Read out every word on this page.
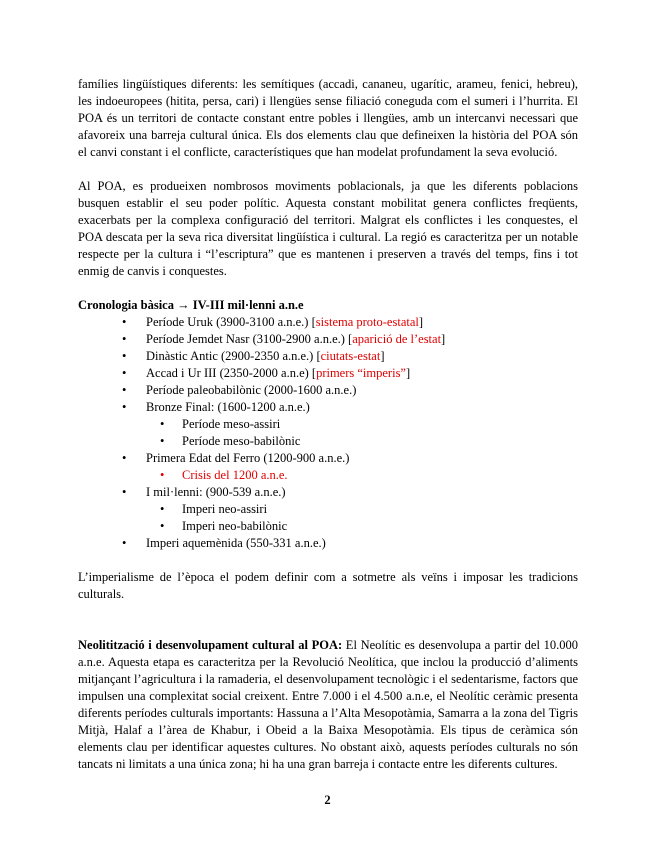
famílies lingüístiques diferents: les semítiques (accadi, cananeu, ugarític, arameu, fenici, hebreu), les indoeuropees (hitita, persa, cari) i llengües sense filiació coneguda com el sumeri i l’hurrita. El POA és un territori de contacte constant entre pobles i llengües, amb un intercanvi necessari que afavoreix una barreja cultural única. Els dos elements clau que defineixen la història del POA són el canvi constant i el conflicte, característiques que han modelat profundament la seva evolució.

Al POA, es produeixen nombrosos moviments poblacionals, ja que les diferents poblacions busquen establir el seu poder polític. Aquesta constant mobilitat genera conflictes freqüents, exacerbats per la complexa configuració del territori. Malgrat els conflictes i les conquestes, el POA descata per la seva rica diversitat lingüística i cultural. La regió es caracteritza per un notable respecte per la cultura i “l’escriptura” que es mantenen i preserven a través del temps, fins i tot enmig de canvis i conquestes.

Cronologia bàsica → IV-III mil·lenni a.n.e

• Període Uruk (3900-3100 a.n.e.) [sistema proto-estatal]
• Període Jemdet Nasr (3100-2900 a.n.e.) [aparició de l’estat]
• Dinàstic Antic (2900-2350 a.n.e.) [ciutats-estat]
• Accad i Ur III (2350-2000 a.n.e) [primers “imperis”]
• Període paleobabilònic (2000-1600 a.n.e.)
• Bronze Final: (1600-1200 a.n.e.)
• Període meso-assiri
• Període meso-babilònic
• Primera Edat del Ferro (1200-900 a.n.e.)
• Crisis del 1200 a.n.e.
• I mil·lenni: (900-539 a.n.e.)
• Imperi neo-assiri
• Imperi neo-babilònic
• Imperi aquemènida (550-331 a.n.e.)

L’imperialisme de l’època el podem definir com a sotmetre als veïns i imposar les tradicions culturals.

Neolitització i desenvolupament cultural al POA: El Neolític es desenvolupa a partir del 10.000 a.n.e. Aquesta etapa es caracteritza per la Revolució Neolítica, que inclou la producció d’aliments mitjançant l’agricultura i la ramaderia, el desenvolupament tecnològic i el sedentarisme, factors que impulsen una complexitat social creixent. Entre 7.000 i el 4.500 a.n.e, el Neolític ceràmic presenta diferents períodes culturals importants: Hassuna a l’Alta Mesopotàmia, Samarra a la zona del Tigris Mitjà, Halaf a l’àrea de Khabur, i Obeid a la Baixa Mesopotàmia. Els tipus de ceràmica són elements clau per identificar aquestes cultures. No obstant això, aquests períodes culturals no són tancats ni limitats a una única zona; hi ha una gran barreja i contacte entre les diferents cultures.

2
